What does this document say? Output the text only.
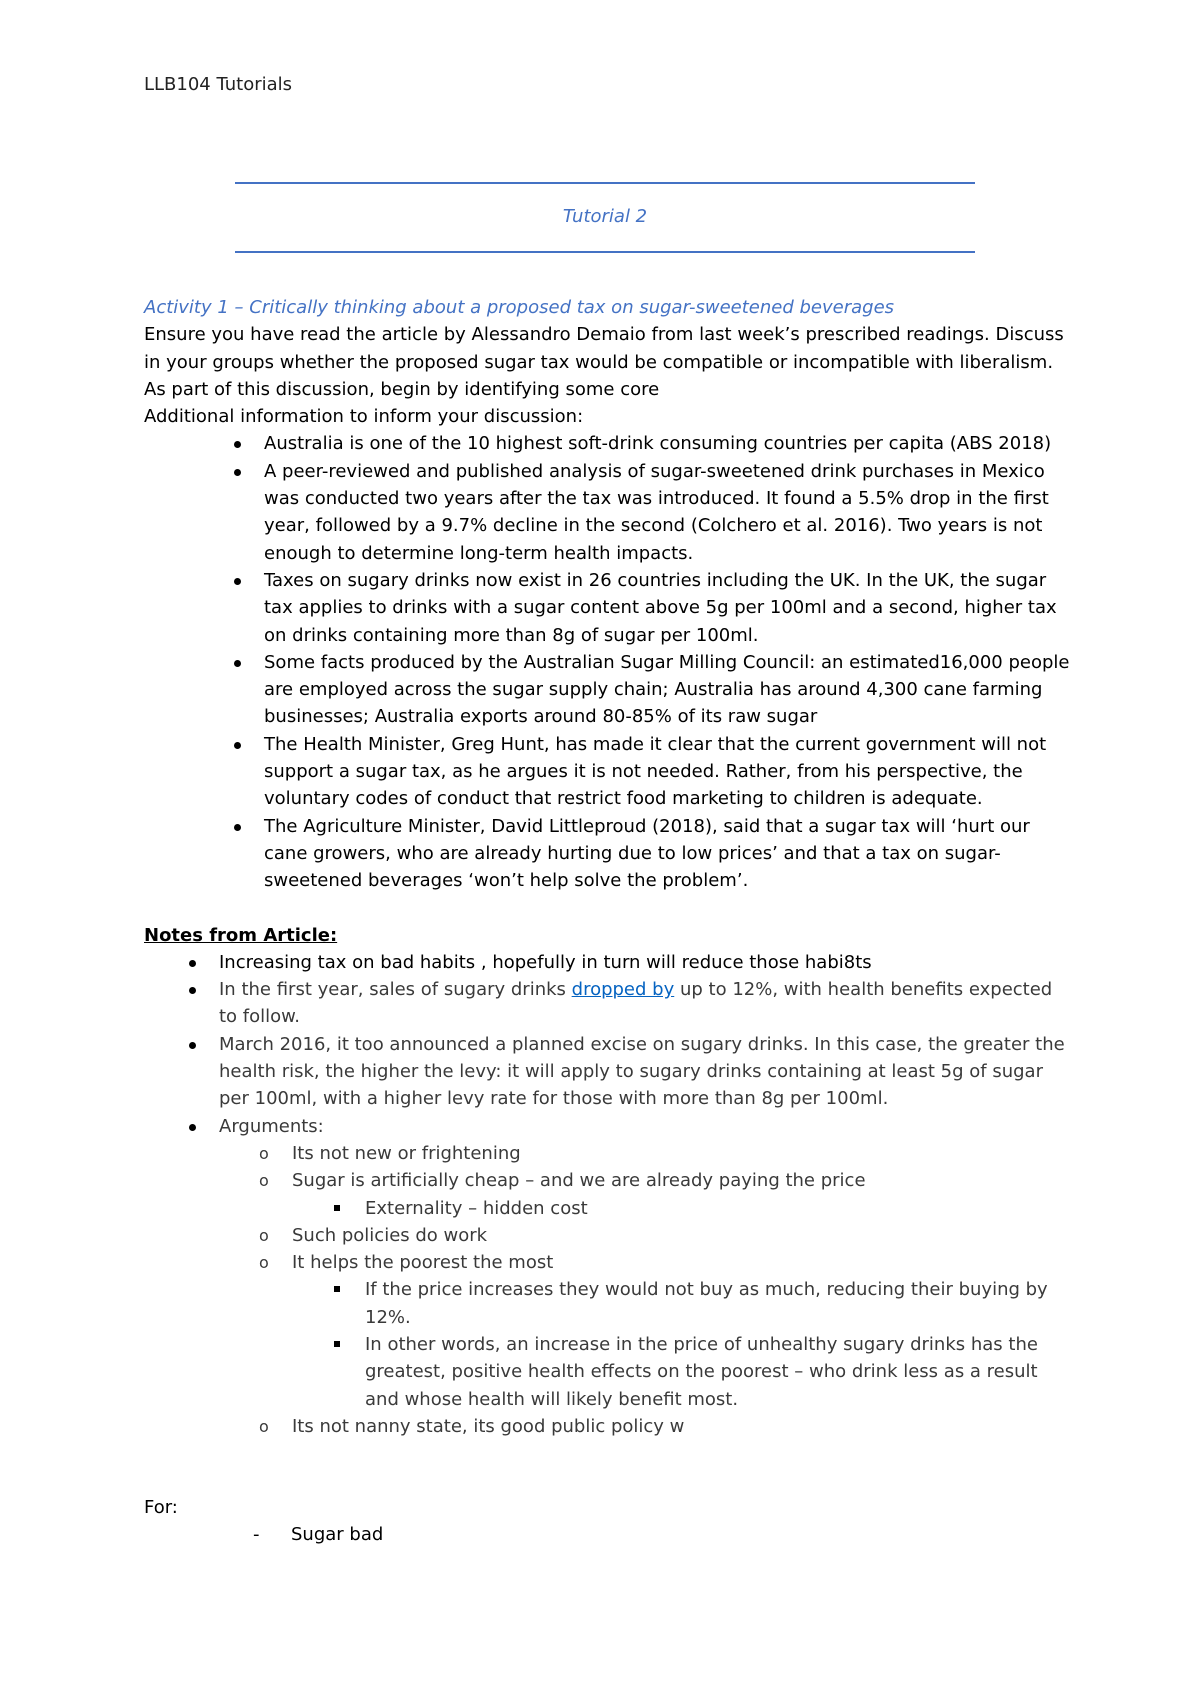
LLB104 Tutorials
Tutorial 2

Activity 1 – Critically thinking about a proposed tax on sugar-sweetened beverages

Ensure you have read the article by Alessandro Demaio from last week’s prescribed readings. Discuss in your groups whether the proposed sugar tax would be compatible or incompatible with liberalism. As part of this discussion, begin by identifying some core

Additional information to inform your discussion:

Australia is one of the 10 highest soft-drink consuming countries per capita (ABS 2018)
A peer-reviewed and published analysis of sugar-sweetened drink purchases in Mexico was conducted two years after the tax was introduced. It found a 5.5% drop in the first year, followed by a 9.7% decline in the second (Colchero et al. 2016). Two years is not enough to determine long-term health impacts.
Taxes on sugary drinks now exist in 26 countries including the UK. In the UK, the sugar tax applies to drinks with a sugar content above 5g per 100ml and a second, higher tax on drinks containing more than 8g of sugar per 100ml.
Some facts produced by the Australian Sugar Milling Council: an estimated16,000 people are employed across the sugar supply chain; Australia has around 4,300 cane farming businesses; Australia exports around 80-85% of its raw sugar
The Health Minister, Greg Hunt, has made it clear that the current government will not support a sugar tax, as he argues it is not needed. Rather, from his perspective, the voluntary codes of conduct that restrict food marketing to children is adequate.
The Agriculture Minister, David Littleproud (2018), said that a sugar tax will ‘hurt our cane growers, who are already hurting due to low prices’ and that a tax on sugar-sweetened beverages ‘won’t help solve the problem’.

Notes from Article:

Increasing tax on bad habits , hopefully in turn will reduce those habi8ts
In the first year, sales of sugary drinks dropped by up to 12%, with health benefits expected to follow.
March 2016, it too announced a planned excise on sugary drinks. In this case, the greater the health risk, the higher the levy: it will apply to sugary drinks containing at least 5g of sugar per 100ml, with a higher levy rate for those with more than 8g per 100ml.
Arguments:
o Its not new or frightening
o Sugar is artificially cheap – and we are already paying the price
Externality – hidden cost
o Such policies do work
o It helps the poorest the most
If the price increases they would not buy as much, reducing their buying by 12%.
In other words, an increase in the price of unhealthy sugary drinks has the greatest, positive health effects on the poorest – who drink less as a result and whose health will likely benefit most.
o Its not nanny state, its good public policy w

For:

- Sugar bad
